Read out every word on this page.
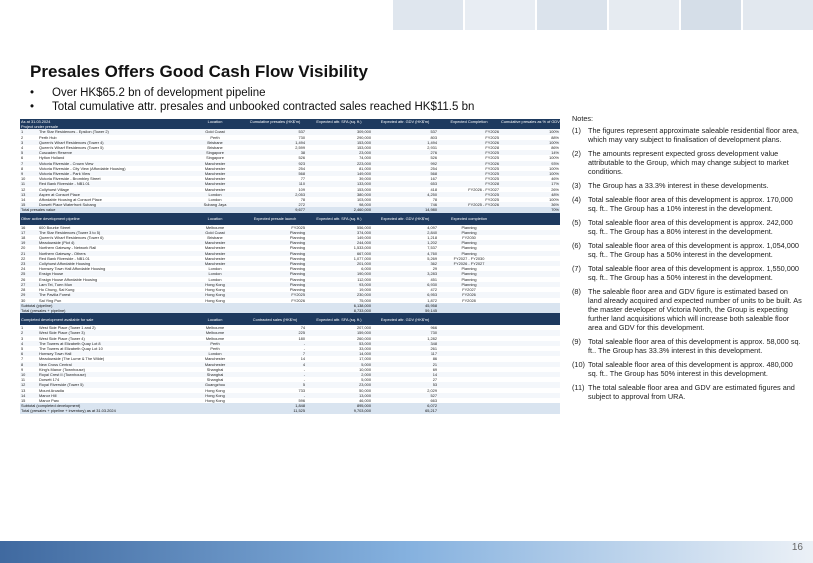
Presales Offers Good Cash Flow Visibility
• Over HK$65.2 bn of development pipeline
• Total cumulative attr. presales and unbooked contracted sales reached HK$11.5 bn
As at 31.03.2024		Location	Cumulative presales (HK$'m)	Expected attr. SFA (sq. ft.)	Expected attr. GDV (HK$'m)	Expected Completion	Cumulative presales as % of GDV
Project under presale							
1	The Star Residences - Epsilon (Tower 2)	Gold Coast	537	309,000	537	FY2026	100%
2	Perth Hub	Perth	730	290,000	803	FY2025	88%
3	Queen's Wharf Residences (Tower 4)	Brisbane	1,494	153,000	1,494	FY2026	100%
4	Queen's Wharf Residences (Tower 5)	Brisbane	2,599	153,000	2,931	FY2028	86%
5	Cuscaden Reserve	Singapore	38	23,000	276	FY2025	14%
6	Hylton Holland	Singapore	526	74,000	526	FY2025	100%
7	Victoria Riverside - Crown View	Manchester	923	223,000	992	FY2026	93%
8	Victoria Riverside - City View (Affordable Housing)	Manchester	254	81,000	254	FY2025	100%
9	Victoria Riverside - Park View	Manchester	568	149,000	568	FY2025	100%
10	Victoria Riverside - Brombley Street	Manchester	77	39,000	167	FY2025	46%
11	Red Bank Riverside - NB1.01	Manchester	110	133,000	653	FY2028	17%
12	Collyhurst Village	Manchester	109	153,000	418	FY2026 - FY2027	26%
13	Aspen at Consort Place	London	2,053	380,000	4,250	FY2025	48%
14	Affordable Housing at Consort Place	London	78	103,000	78	FY2025	100%
15	Dorsett Place Waterfront Subang	Subang Jaya	272	98,000	746	FY2025 - FY2026	36%
Total presales value			9,677	2,460,000	14,980		70%
Other active development pipeline		Location	Expected presale launch	Expected attr. SFA (sq. ft.)	Expected attr. GDV (HK$'m)	Expected completion	
16	600 Bourke Street	Melbourne	FY2025	556,000	4,097	Planning	
17	The Star Residences (Tower 3 to 5)	Gold Coast	Planning	374,000	2,840	Planning	
18	Queen's Wharf Residences (Tower 6)	Brisbane	Planning	149,000	1,218	FY2030	
19	Meadowside (Plot 4)	Manchester	Planning	244,000	1,202	Planning	
20	Northern Gateway - Network Rail	Manchester	Planning	1,533,000	7,537	Planning	
21	Northern Gateway - Others	Manchester	Planning	667,000	4,760	Planning	
22	Red Bank Riverside - NB1.01	Manchester	Planning	1,077,000	5,269	FY2027 - FY2030	
23	Collyhurst Affordable Housing	Manchester	Planning	201,000	362	FY2026 - FY2027	
24	Hornsey Town Hall Affordable Housing	London	Planning	6,000	29	Planning	
25	Ensign House	London	Planning	190,000	3,283	Planning	
26	Ensign House Affordable Housing	London	Planning	112,000	451	Planning	
27	Lam Tei, Tuen Mun	Hong Kong	Planning	93,000	6,930	Planning	
28	Ho Chung, Sai Kung	Hong Kong	Planning	19,000	472	FY2027	
29	The Pavilia Forest	Hong Kong	FY2025	230,000	6,953	FY2026	
30	Sai Ying Pun	Hong Kong	FY2026	75,000	1,872	FY2028	
Subtotal (pipeline)				6,138,000	45,958		
Total (presales + pipeline)				8,733,000	59,145		
Completed development available for sale		Location	Contracted sales (HK$'m)	Expected attr. SFA (sq. ft.)	Expected attr. GDV (HK$'m)		
1	West Side Place (Tower 1 and 2)	Melbourne	74	207,000	966		
2	West Side Place (Tower 3)	Melbourne	225	159,000	730		
3	West Side Place (Tower 4)	Melbourne	180	260,000	1,282		
4	The Towers at Elizabeth Quay Lot 8	Perth	-	53,000	348		
5	The Towers at Elizabeth Quay Lot 10	Perth	-	33,000	261		
6	Hornsey Town Hall	London	7	14,000	117		
7	Meadowside (The Lume & The Wilde)	Manchester	14	17,000	86		
8	New Cross Central	Manchester	4	5,000	21		
9	King's Manor (Townhouse)	Shanghai	-	10,000	69		
10	Royal Crest II (Townhouse)	Shanghai	-	2,000	14		
11	Dorsett 174	Shanghai	-	5,000	27		
12	Royal Riverside (Tower 5)	Guangzhou	5	23,000	53		
13	Mount Arcadia	Hong Kong	733	50,000	2,029		
14	Manor Hill	Hong Kong	-	13,000	527		
15	Manor Parc	Hong Kong	596	46,000	663		
Subtotal (completed development)			1,848	895,000	6,072		
Total (presales + pipeline + inventory) as at 31.03.2024			11,525	9,703,000	65,217		
Notes:
(1) The figures represent approximate saleable residential floor area, which may vary subject to finalisation of development plans.
(2) The amounts represent expected gross development value attributable to the Group, which may change subject to market conditions.
(3) The Group has a 33.3% interest in these developments.
(4) Total saleable floor area of this development is approx. 170,000 sq. ft.. The Group has a 10% interest in the development.
(5) Total saleable floor area of this development is approx. 242,000 sq. ft.. The Group has a 80% interest in the development.
(6) Total saleable floor area of this development is approx. 1,054,000 sq. ft.. The Group has a 50% interest in the development.
(7) Total saleable floor area of this development is approx. 1,550,000 sq. ft.. The Group has a 50% interest in the development.
(8) The saleable floor area and GDV figure is estimated based on land already acquired and expected number of units to be built. As the master developer of Victoria North, the Group is expecting further land acquisitions which will increase both saleable floor area and GDV for this development.
(9) Total saleable floor area of this development is approx. 58,000 sq. ft.. The Group has 33.3% interest in this development.
(10) Total saleable floor area of this development is approx. 480,000 sq. ft.. The Group has 50% interest in this development.
(11) The total saleable floor area and GDV are estimated figures and subject to approval from URA.
16
